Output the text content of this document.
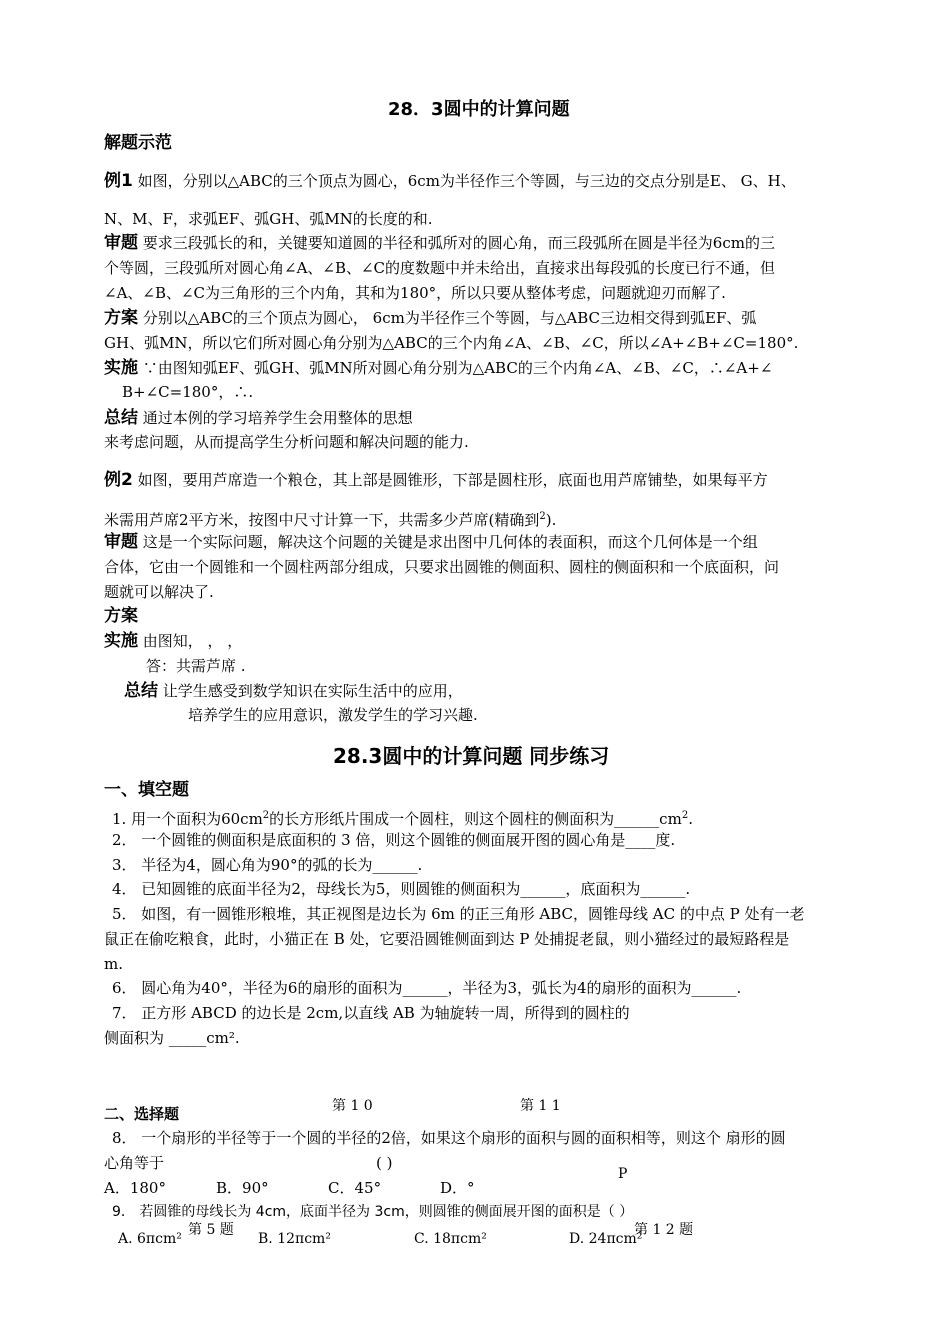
28．3圆中的计算问题
解题示范
例1 如图，分别以△ABC的三个顶点为圆心，6cm为半径作三个等圆，与三边的交点分别是E、 G、H、
N、M、F，求弧EF、弧GH、弧MN的长度的和.
审题 要求三段弧长的和，关键要知道圆的半径和弧所对的圆心角，而三段弧所在圆是半径为6cm的三
个等圆，三段弧所对圆心角∠A、∠B、∠C的度数题中并未给出，直接求出每段弧的长度已行不通，但
∠A、∠B、∠C为三角形的三个内角，其和为180°，所以只要从整体考虑，问题就迎刃而解了.
方案 分别以△ABC的三个顶点为圆心， 6cm为半径作三个等圆，与△ABC三边相交得到弧EF、弧
GH、弧MN，所以它们所对圆心角分别为△ABC的三个内角∠A、∠B、∠C，所以∠A+∠B+∠C=180°.
实施 ∵由图知弧EF、弧GH、弧MN所对圆心角分别为△ABC的三个内角∠A、∠B、∠C，∴∠A+∠
B+∠C=180°，∴.
总结 通过本例的学习培养学生会用整体的思想
来考虑问题，从而提高学生分析问题和解决问题的能力.
例2 如图，要用芦席造一个粮仓，其上部是圆锥形，下部是圆柱形，底面也用芦席铺垫，如果每平方
米需用芦席2平方米，按图中尺寸计算一下，共需多少芦席(精确到$^2$).
审题 这是一个实际问题，解决这个问题的关键是求出图中几何体的表面积，而这个几何体是一个组
合体，它由一个圆锥和一个圆柱两部分组成，只要求出圆锥的侧面积、圆柱的侧面积和一个底面积，问
题就可以解决了.
方案
实施 由图知， ， ，
答：共需芦席 .
总结 让学生感受到数学知识在实际生活中的应用，
培养学生的应用意识，激发学生的学习兴趣.
28.3圆中的计算问题 同步练习
一、填空题
1. 用一个面积为$60cm^2$的长方形纸片围成一个圆柱，则这个圆柱的侧面积为$\_\_\_\_\_\_cm^2$.
2． 一个圆锥的侧面积是底面积的 3 倍，则这个圆锥的侧面展开图的圆心角是____度.
3． 半径为4，圆心角为90°的弧的长为______.
4． 已知圆锥的底面半径为2，母线长为5，则圆锥的侧面积为______，底面积为______.
5． 如图，有一圆锥形粮堆，其正视图是边长为 6m 的正三角形 ABC，圆锥母线 AC 的中点 P 处有一老
鼠正在偷吃粮食，此时，小猫正在 B 处，它要沿圆锥侧面到达 P 处捕捉老鼠，则小猫经过的最短路程是
m.
6． 圆心角为40°，半径为6的扇形的面积为______，半径为3，弧长为4的扇形的面积为______.
7． 正方形 ABCD 的边长是 2cm,以直线 AB 为轴旋转一周，所得到的圆柱的
侧面积为 _____cm².
第 1 0	第 1 1
二、选择题
8． 一个扇形的半径等于一个圆的半径的2倍，如果这个扇形的面积与圆的面积相等，则这个 扇形的圆
心角等于	( )
P
A．180°	B．90°	C．45°	D．°
9． 若圆锥的母线长为 4cm，底面半径为 3cm，则圆锥的侧面展开图的面积是（ ）
第 5 题	第 1 2 题
A. 6πcm²	B. 12πcm²	C. 18πcm²	D. 24πcm²
